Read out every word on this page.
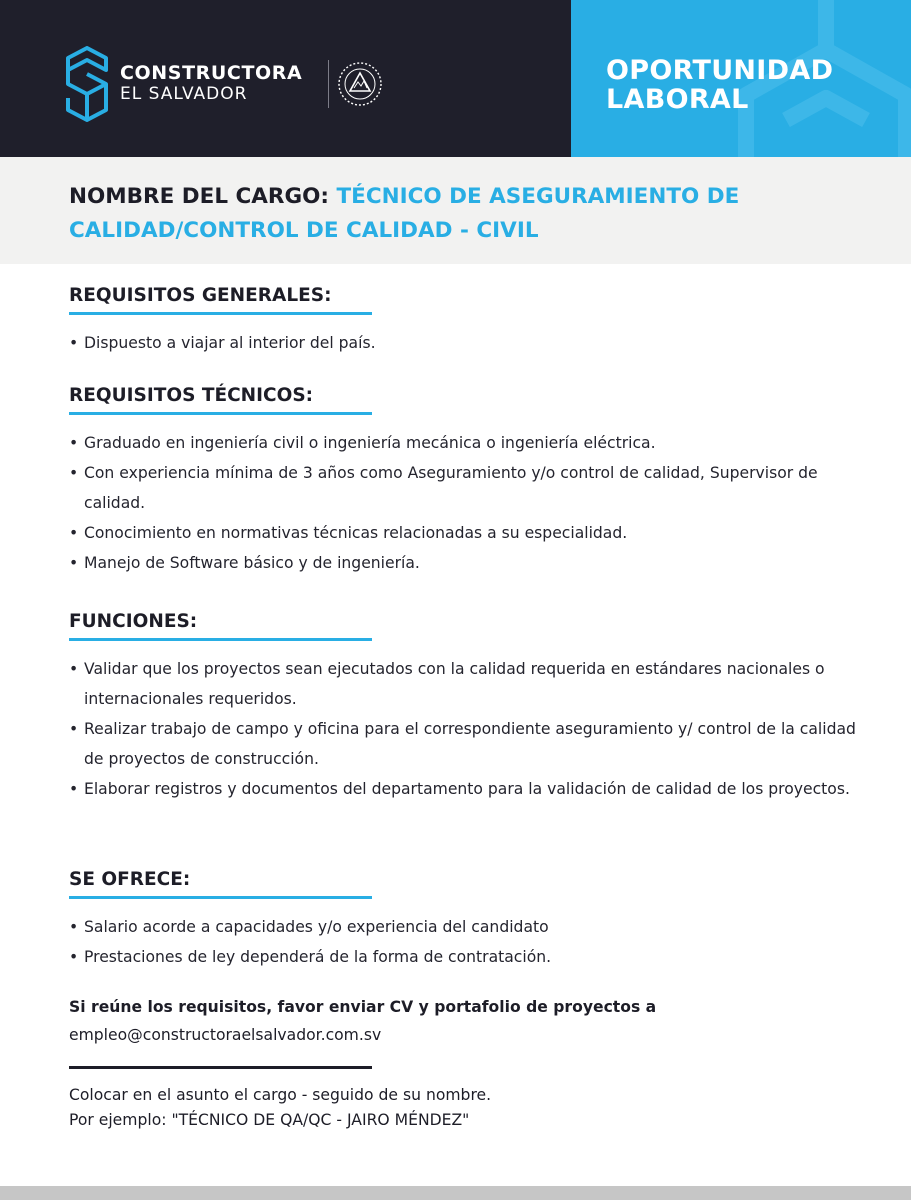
CONSTRUCTORA
EL SALVADOR
OPORTUNIDAD
LABORAL
NOMBRE DEL CARGO: TÉCNICO DE ASEGURAMIENTO DE CALIDAD/CONTROL DE CALIDAD - CIVIL
REQUISITOS GENERALES:
• Dispuesto a viajar al interior del país.
REQUISITOS TÉCNICOS:
• Graduado en ingeniería civil o ingeniería mecánica o ingeniería eléctrica.
• Con experiencia mínima de 3 años como Aseguramiento y/o control de calidad, Supervisor de calidad.
• Conocimiento en normativas técnicas relacionadas a su especialidad.
• Manejo de Software básico y de ingeniería.
FUNCIONES:
• Validar que los proyectos sean ejecutados con la calidad requerida en estándares nacionales o internacionales requeridos.
• Realizar trabajo de campo y oficina para el correspondiente aseguramiento y/ control de la calidad de proyectos de construcción.
• Elaborar registros y documentos del departamento para la validación de calidad de los proyectos.
SE OFRECE:
• Salario acorde a capacidades y/o experiencia del candidato
• Prestaciones de ley dependerá de la forma de contratación.

Si reúne los requisitos, favor enviar CV y portafolio de proyectos a

empleo@constructoraelsalvador.com.sv

Colocar en el asunto el cargo - seguido de su nombre.

Por ejemplo: "TÉCNICO DE QA/QC - JAIRO MÉNDEZ"
